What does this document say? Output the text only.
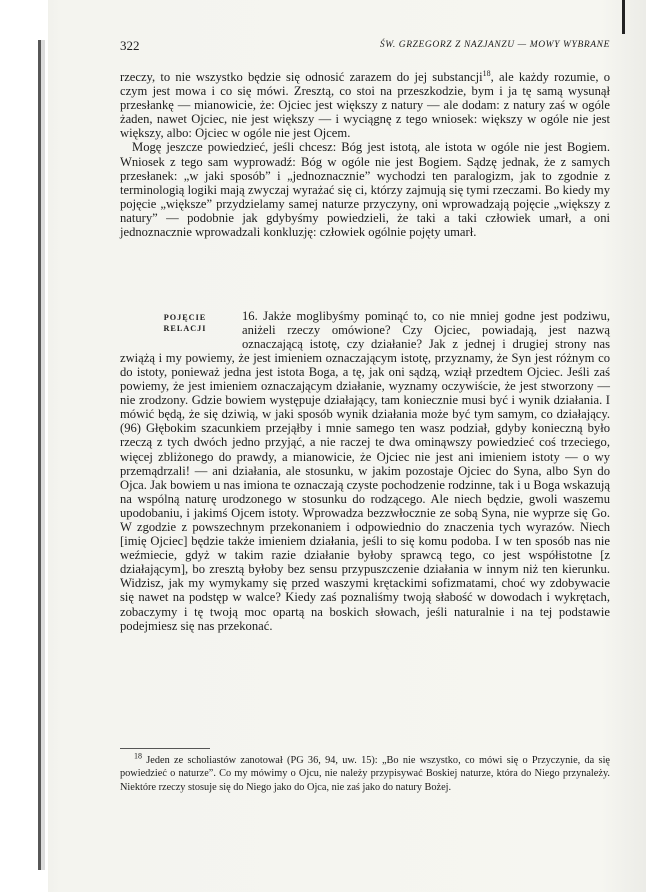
322	ŚW. GRZEGORZ Z NAZJANZU — MOWY WYBRANE

rzeczy, to nie wszystko będzie się odnosić zarazem do jej substancji$^{18}$, ale każdy rozumie, o czym jest mowa i co się mówi. Zresztą, co stoi na przeszkodzie, bym i ja tę samą wysunął przesłankę — mianowicie, że: Ojciec jest większy z natury — ale dodam: z natury zaś w ogóle żaden, nawet Ojciec, nie jest większy — i wyciągnę z tego wniosek: większy w ogóle nie jest większy, albo: Ojciec w ogóle nie jest Ojcem.

Mogę jeszcze powiedzieć, jeśli chcesz: Bóg jest istotą, ale istota w ogóle nie jest Bogiem. Wniosek z tego sam wyprowadź: Bóg w ogóle nie jest Bogiem. Sądzę jednak, że z samych przesłanek: „w jaki sposób” i „jednoznacznie” wychodzi ten paralogizm, jak to zgodnie z terminologią logiki mają zwyczaj wyrażać się ci, którzy zajmują się tymi rzeczami. Bo kiedy my pojęcie „większe” przydzielamy samej naturze przyczyny, oni wprowadzają pojęcie „większy z natury” — podobnie jak gdybyśmy powiedzieli, że taki a taki człowiek umarł, a oni jednoznacznie wprowadzali konkluzję: człowiek ogólnie pojęty umarł.

POJĘCIE
RELACJI

16. Jakże moglibyśmy pominąć to, co nie mniej godne jest podziwu, aniżeli rzeczy omówione? Czy Ojciec, powiadają, jest nazwą oznaczającą istotę, czy działanie? Jak z jednej i drugiej strony nas zwiążą i my powiemy, że jest imieniem oznaczającym istotę, przyznamy, że Syn jest różnym co do istoty, ponieważ jedna jest istota Boga, a tę, jak oni sądzą, wziął przedtem Ojciec. Jeśli zaś powiemy, że jest imieniem oznaczającym działanie, wyznamy oczywiście, że jest stworzony — nie zrodzony. Gdzie bowiem występuje działający, tam koniecznie musi być i wynik działania. I mówić będą, że się dziwią, w jaki sposób wynik działania może być tym samym, co działający. (96) Głębokim szacunkiem przejąłby i mnie samego ten wasz podział, gdyby konieczną było rzeczą z tych dwóch jedno przyjąć, a nie raczej te dwa ominąwszy powiedzieć coś trzeciego, więcej zbliżonego do prawdy, a mianowicie, że Ojciec nie jest ani imieniem istoty — o wy przemądrzali! — ani działania, ale stosunku, w jakim pozostaje Ojciec do Syna, albo Syn do Ojca. Jak bowiem u nas imiona te oznaczają czyste pochodzenie rodzinne, tak i u Boga wskazują na wspólną naturę urodzonego w stosunku do rodzącego. Ale niech będzie, gwoli waszemu upodobaniu, i jakimś Ojcem istoty. Wprowadza bezzwłocznie ze sobą Syna, nie wyprze się Go. W zgodzie z powszechnym przekonaniem i odpowiednio do znaczenia tych wyrazów. Niech [imię Ojciec] będzie także imieniem działania, jeśli to się komu podoba. I w ten sposób nas nie weźmiecie, gdyż w takim razie działanie byłoby sprawcą tego, co jest współistotne [z działającym], bo zresztą byłoby bez sensu przypuszczenie działania w innym niż ten kierunku. Widzisz, jak my wymykamy się przed waszymi krętackimi sofizmatami, choć wy zdobywacie się nawet na podstęp w walce? Kiedy zaś poznaliśmy twoją słabość w dowodach i wykrętach, zobaczymy i tę twoją moc opartą na boskich słowach, jeśli naturalnie i na tej podstawie podejmiesz się nas przekonać.

$^{18}$ Jeden ze scholiastów zanotował (PG 36, 94, uw. 15): „Bo nie wszystko, co mówi się o Przyczynie, da się powiedzieć o naturze”. Co my mówimy o Ojcu, nie należy przypisywać Boskiej naturze, która do Niego przynależy. Niektóre rzeczy stosuje się do Niego jako do Ojca, nie zaś jako do natury Bożej.
